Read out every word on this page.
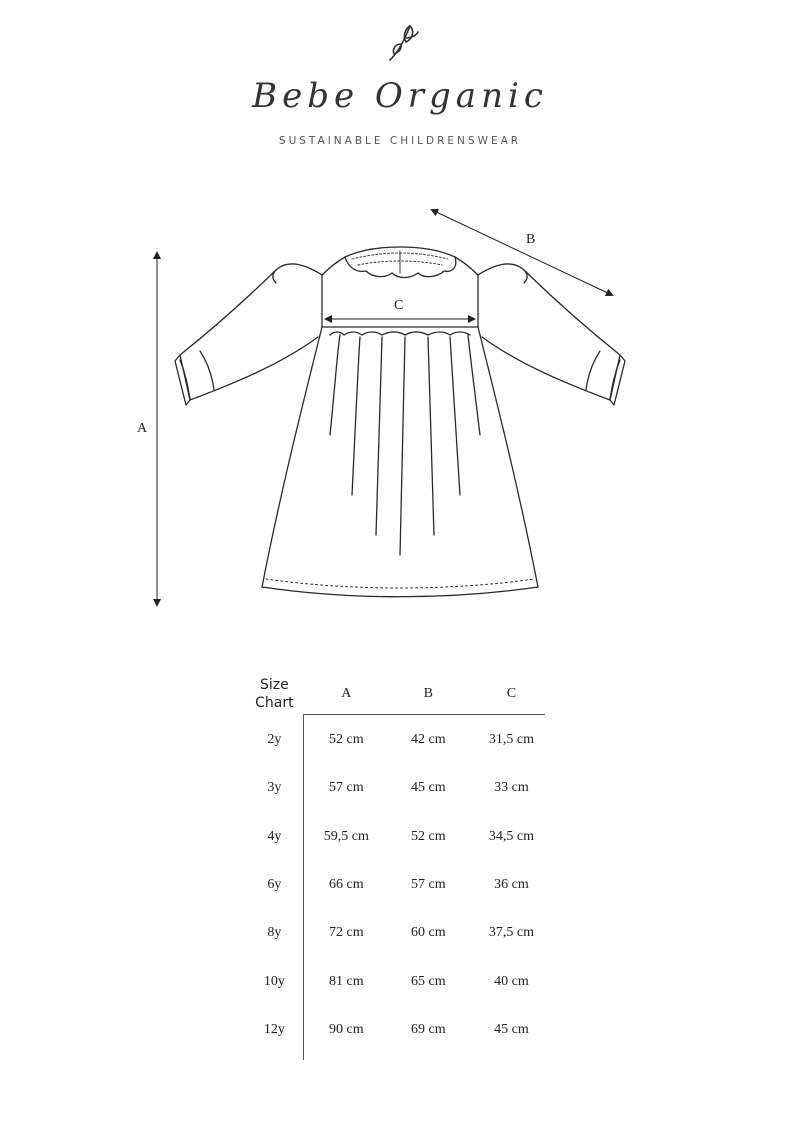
Bebe Organic
SUSTAINABLE CHILDRENSWEAR
A
B
C
Size
Chart	A	B	C
2y	52 cm	42 cm	31,5 cm
3y	57 cm	45 cm	33 cm
4y	59,5 cm	52 cm	34,5 cm
6y	66 cm	57 cm	36 cm
8y	72 cm	60 cm	37,5 cm
10y	81 cm	65 cm	40 cm
12y	90 cm	69 cm	45 cm
